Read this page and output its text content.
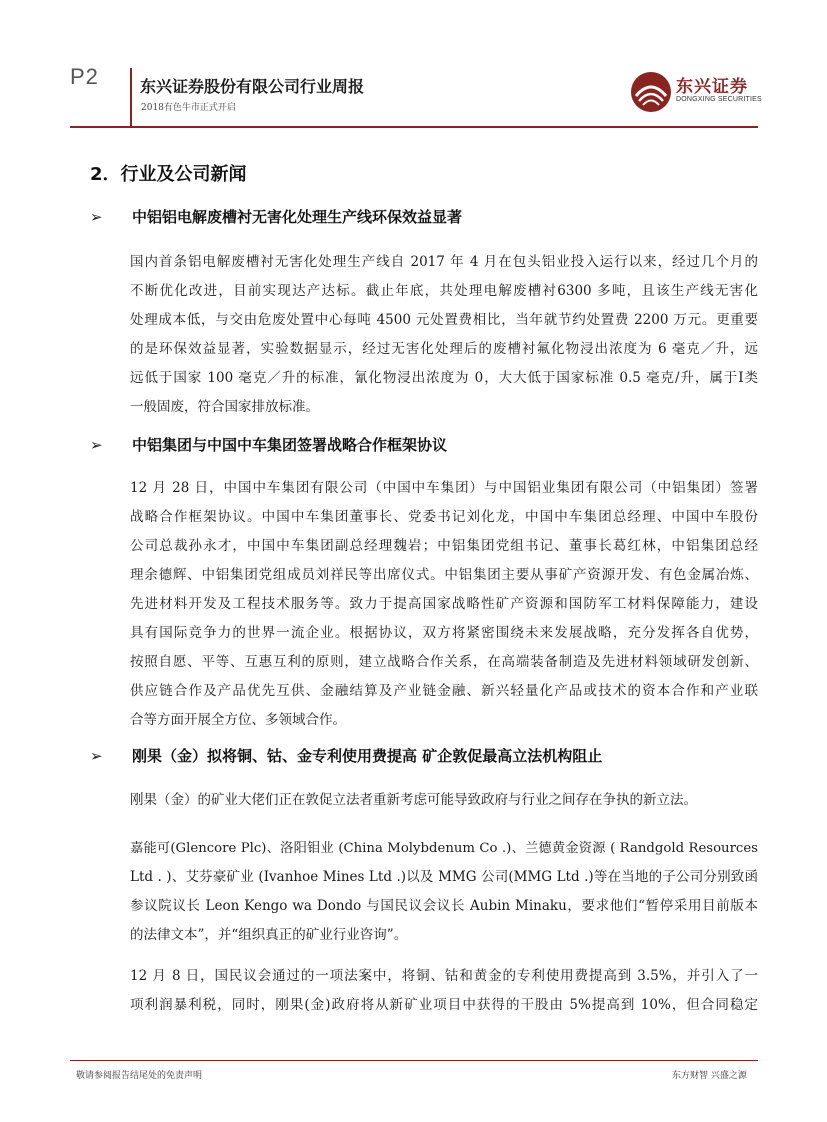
P2	东兴证券股份有限公司行业周报
2018有色牛市正式开启
东兴证券
DONGXING SECURITIES
2．行业及公司新闻
➢ 中铝铝电解废槽衬无害化处理生产线环保效益显著
国内首条铝电解废槽衬无害化处理生产线自 2017 年 4 月在包头铝业投入运行以来，经过几个月的
不断优化改进，目前实现达产达标。截止年底，共处理电解废槽衬6300 多吨，且该生产线无害化
处理成本低，与交由危废处置中心每吨 4500 元处置费相比，当年就节约处置费 2200 万元。更重要
的是环保效益显著，实验数据显示，经过无害化处理后的废槽衬氟化物浸出浓度为 6 毫克／升，远
远低于国家 100 毫克／升的标准，氰化物浸出浓度为 0，大大低于国家标准 0.5 毫克/升，属于Ⅰ类
一般固废，符合国家排放标准。
➢ 中铝集团与中国中车集团签署战略合作框架协议
12 月 28 日，中国中车集团有限公司（中国中车集团）与中国铝业集团有限公司（中铝集团）签署
战略合作框架协议。中国中车集团董事长、党委书记刘化龙，中国中车集团总经理、中国中车股份
公司总裁孙永才，中国中车集团副总经理魏岩；中铝集团党组书记、董事长葛红林，中铝集团总经
理余德辉、中铝集团党组成员刘祥民等出席仪式。中铝集团主要从事矿产资源开发、有色金属冶炼、
先进材料开发及工程技术服务等。致力于提高国家战略性矿产资源和国防军工材料保障能力，建设
具有国际竞争力的世界一流企业。根据协议，双方将紧密围绕未来发展战略，充分发挥各自优势，
按照自愿、平等、互惠互利的原则，建立战略合作关系，在高端装备制造及先进材料领域研发创新、
供应链合作及产品优先互供、金融结算及产业链金融、新兴轻量化产品或技术的资本合作和产业联
合等方面开展全方位、多领域合作。
➢ 刚果（金）拟将铜、钴、金专利使用费提高 矿企敦促最高立法机构阻止
刚果（金）的矿业大佬们正在敦促立法者重新考虑可能导致政府与行业之间存在争执的新立法。
嘉能可(Glencore Plc)、洛阳钼业 (China Molybdenum Co .)、兰德黄金资源 ( Randgold Resources
Ltd . )、艾芬豪矿业 (Ivanhoe Mines Ltd .)以及 MMG 公司(MMG Ltd .)等在当地的子公司分别致函
参议院议长 Leon Kengo wa Dondo 与国民议会议长 Aubin Minaku，要求他们“暂停采用目前版本
的法律文本”，并“组织真正的矿业行业咨询”。
12 月 8 日，国民议会通过的一项法案中，将铜、钴和黄金的专利使用费提高到 3.5%，并引入了一
项利润暴利税，同时，刚果(金)政府将从新矿业项目中获得的干股由 5%提高到 10%，但合同稳定
敬请参阅报告结尾处的免责声明	东方财智 兴盛之源
